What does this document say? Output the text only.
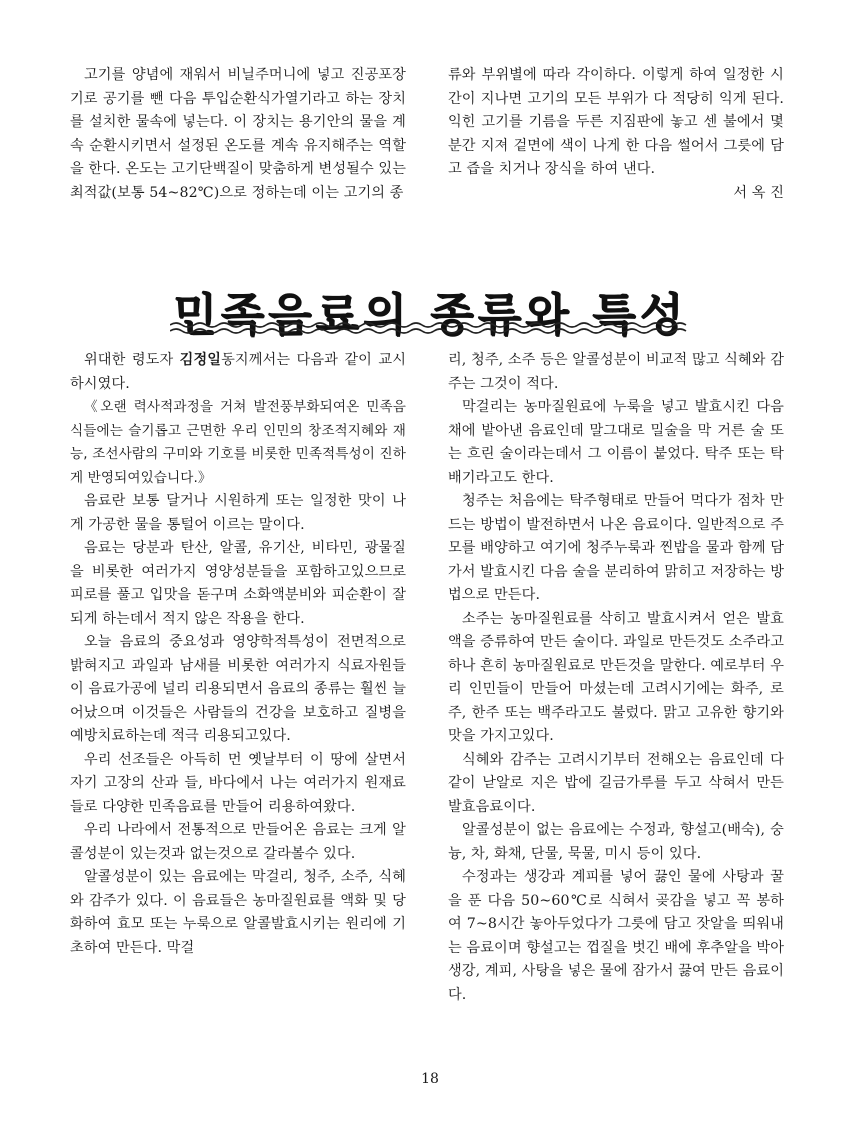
고기를 양념에 재워서 비닐주머니에 넣고 진공포장기로 공기를 뺀 다음 투입순환식가열기라고 하는 장치를 설치한 물속에 넣는다. 이 장치는 용기안의 물을 계속 순환시키면서 설정된 온도를 계속 유지해주는 역할을 한다. 온도는 고기단백질이 맞춤하게 변성될수 있는 최적값(보통 54~82℃)으로 정하는데 이는 고기의 종

류와 부위별에 따라 각이하다. 이렇게 하여 일정한 시간이 지나면 고기의 모든 부위가 다 적당히 익게 된다. 익힌 고기를 기름을 두른 지짐판에 놓고 센 불에서 몇분간 지져 겉면에 색이 나게 한 다음 썰어서 그릇에 담고 즙을 치거나 장식을 하여 낸다.

서 옥 진

민족음료의 종류와 특성

위대한 령도자 김정일동지께서는 다음과 같이 교시하시였다.

《오랜 력사적과정을 거쳐 발전풍부화되여온 민족음식들에는 슬기롭고 근면한 우리 인민의 창조적지혜와 재능, 조선사람의 구미와 기호를 비롯한 민족적특성이 진하게 반영되여있습니다.》

음료란 보통 달거나 시원하게 또는 일정한 맛이 나게 가공한 물을 통털어 이르는 말이다.

음료는 당분과 탄산, 알콜, 유기산, 비타민, 광물질을 비롯한 여러가지 영양성분들을 포함하고있으므로 피로를 풀고 입맛을 돋구며 소화액분비와 피순환이 잘되게 하는데서 적지 않은 작용을 한다.

오늘 음료의 중요성과 영양학적특성이 전면적으로 밝혀지고 과일과 남새를 비롯한 여러가지 식료자원들이 음료가공에 널리 리용되면서 음료의 종류는 훨씬 늘어났으며 이것들은 사람들의 건강을 보호하고 질병을 예방치료하는데 적극 리용되고있다.

우리 선조들은 아득히 먼 옛날부터 이 땅에 살면서 자기 고장의 산과 들, 바다에서 나는 여러가지 원재료들로 다양한 민족음료를 만들어 리용하여왔다.

우리 나라에서 전통적으로 만들어온 음료는 크게 알콜성분이 있는것과 없는것으로 갈라볼수 있다.

알콜성분이 있는 음료에는 막걸리, 청주, 소주, 식혜와 감주가 있다. 이 음료들은 농마질원료를 액화 및 당화하여 효모 또는 누룩으로 알콜발효시키는 원리에 기초하여 만든다. 막걸

리, 청주, 소주 등은 알콜성분이 비교적 많고 식혜와 감주는 그것이 적다.

막걸리는 농마질원료에 누룩을 넣고 발효시킨 다음 채에 밭아낸 음료인데 말그대로 밀술을 막 거른 술 또는 흐린 술이라는데서 그 이름이 붙었다. 탁주 또는 탁배기라고도 한다.

청주는 처음에는 탁주형태로 만들어 먹다가 점차 만드는 방법이 발전하면서 나온 음료이다. 일반적으로 주모를 배양하고 여기에 청주누룩과 찐밥을 물과 함께 담가서 발효시킨 다음 술을 분리하여 맑히고 저장하는 방법으로 만든다.

소주는 농마질원료를 삭히고 발효시켜서 얻은 발효액을 증류하여 만든 술이다. 과일로 만든것도 소주라고 하나 흔히 농마질원료로 만든것을 말한다. 예로부터 우리 인민들이 만들어 마셨는데 고려시기에는 화주, 로주, 한주 또는 백주라고도 불렀다. 맑고 고유한 향기와 맛을 가지고있다.

식혜와 감주는 고려시기부터 전해오는 음료인데 다같이 낟알로 지은 밥에 길금가루를 두고 삭혀서 만든 발효음료이다.

알콜성분이 없는 음료에는 수정과, 향설고(배숙), 숭늉, 차, 화채, 단물, 묵물, 미시 등이 있다.

수정과는 생강과 계피를 넣어 끓인 물에 사탕과 꿀을 푼 다음 50~60℃로 식혀서 곶감을 넣고 꼭 봉하여 7~8시간 놓아두었다가 그릇에 담고 잣알을 띄워내는 음료이며 향설고는 껍질을 벗긴 배에 후추알을 박아 생강, 계피, 사탕을 넣은 물에 잠가서 끓여 만든 음료이다.

18
